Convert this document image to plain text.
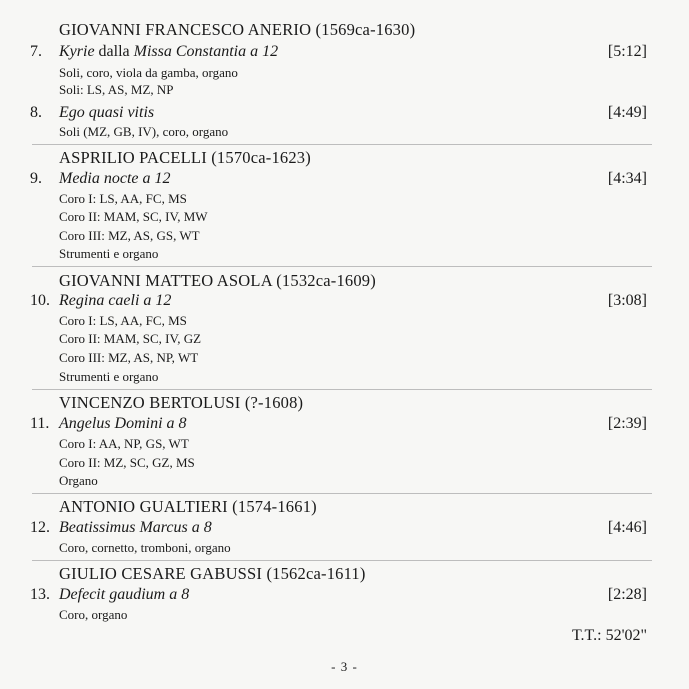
GIOVANNI FRANCESCO ANERIO (1569ca-1630)
7. Kyrie dalla Missa Constantia a 12	[5:12]
Soli, coro, viola da gamba, organo
Soli: LS, AS, MZ, NP
8. Ego quasi vitis	[4:49]
Soli (MZ, GB, IV), coro, organo
ASPRILIO PACELLI (1570ca-1623)
9. Media nocte a 12	[4:34]
Coro I: LS, AA, FC, MS
Coro II: MAM, SC, IV, MW
Coro III: MZ, AS, GS, WT
Strumenti e organo
GIOVANNI MATTEO ASOLA (1532ca-1609)
10. Regina caeli a 12	[3:08]
Coro I: LS, AA, FC, MS
Coro II: MAM, SC, IV, GZ
Coro III: MZ, AS, NP, WT
Strumenti e organo
VINCENZO BERTOLUSI (?-1608)
11. Angelus Domini a 8	[2:39]
Coro I: AA, NP, GS, WT
Coro II: MZ, SC, GZ, MS
Organo
ANTONIO GUALTIERI (1574-1661)
12. Beatissimus Marcus a 8	[4:46]
Coro, cornetto, tromboni, organo
GIULIO CESARE GABUSSI (1562ca-1611)
13. Defecit gaudium a 8	[2:28]
Coro, organo
T.T.: 52'02"
- 3 -
